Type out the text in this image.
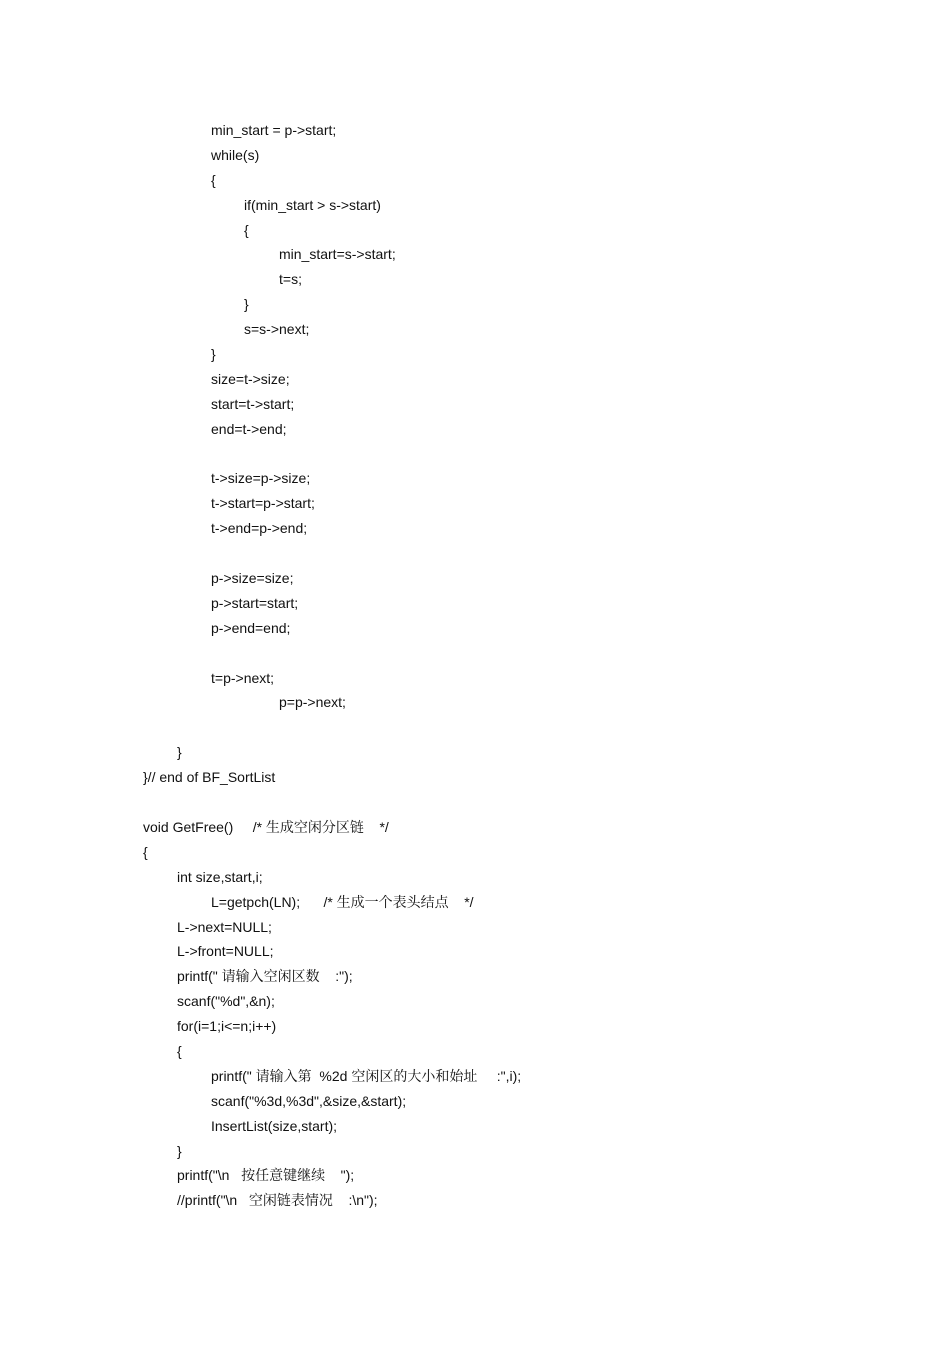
min_start = p->start;
while(s)
{
if(min_start > s->start)
{
min_start=s->start;
t=s;
}
s=s->next;
}
size=t->size;
start=t->start;
end=t->end;
t->size=p->size;
t->start=p->start;
t->end=p->end;
p->size=size;
p->start=start;
p->end=end;
t=p->next;
p=p->next;
}
}// end of BF_SortList
void GetFree()     /* 生成空闲分区链    */
{
int size,start,i;
L=getpch(LN);      /* 生成一个表头结点    */
L->next=NULL;
L->front=NULL;
printf(" 请输入空闲区数    :");
scanf("%d",&n);
for(i=1;i<=n;i++)
{
printf(" 请输入第  %2d 空闲区的大小和始址     :",i);
scanf("%3d,%3d",&size,&start);
InsertList(size,start);
}
printf("\n   按任意键继续    ");
//printf("\n   空闲链表情况    :\n");
